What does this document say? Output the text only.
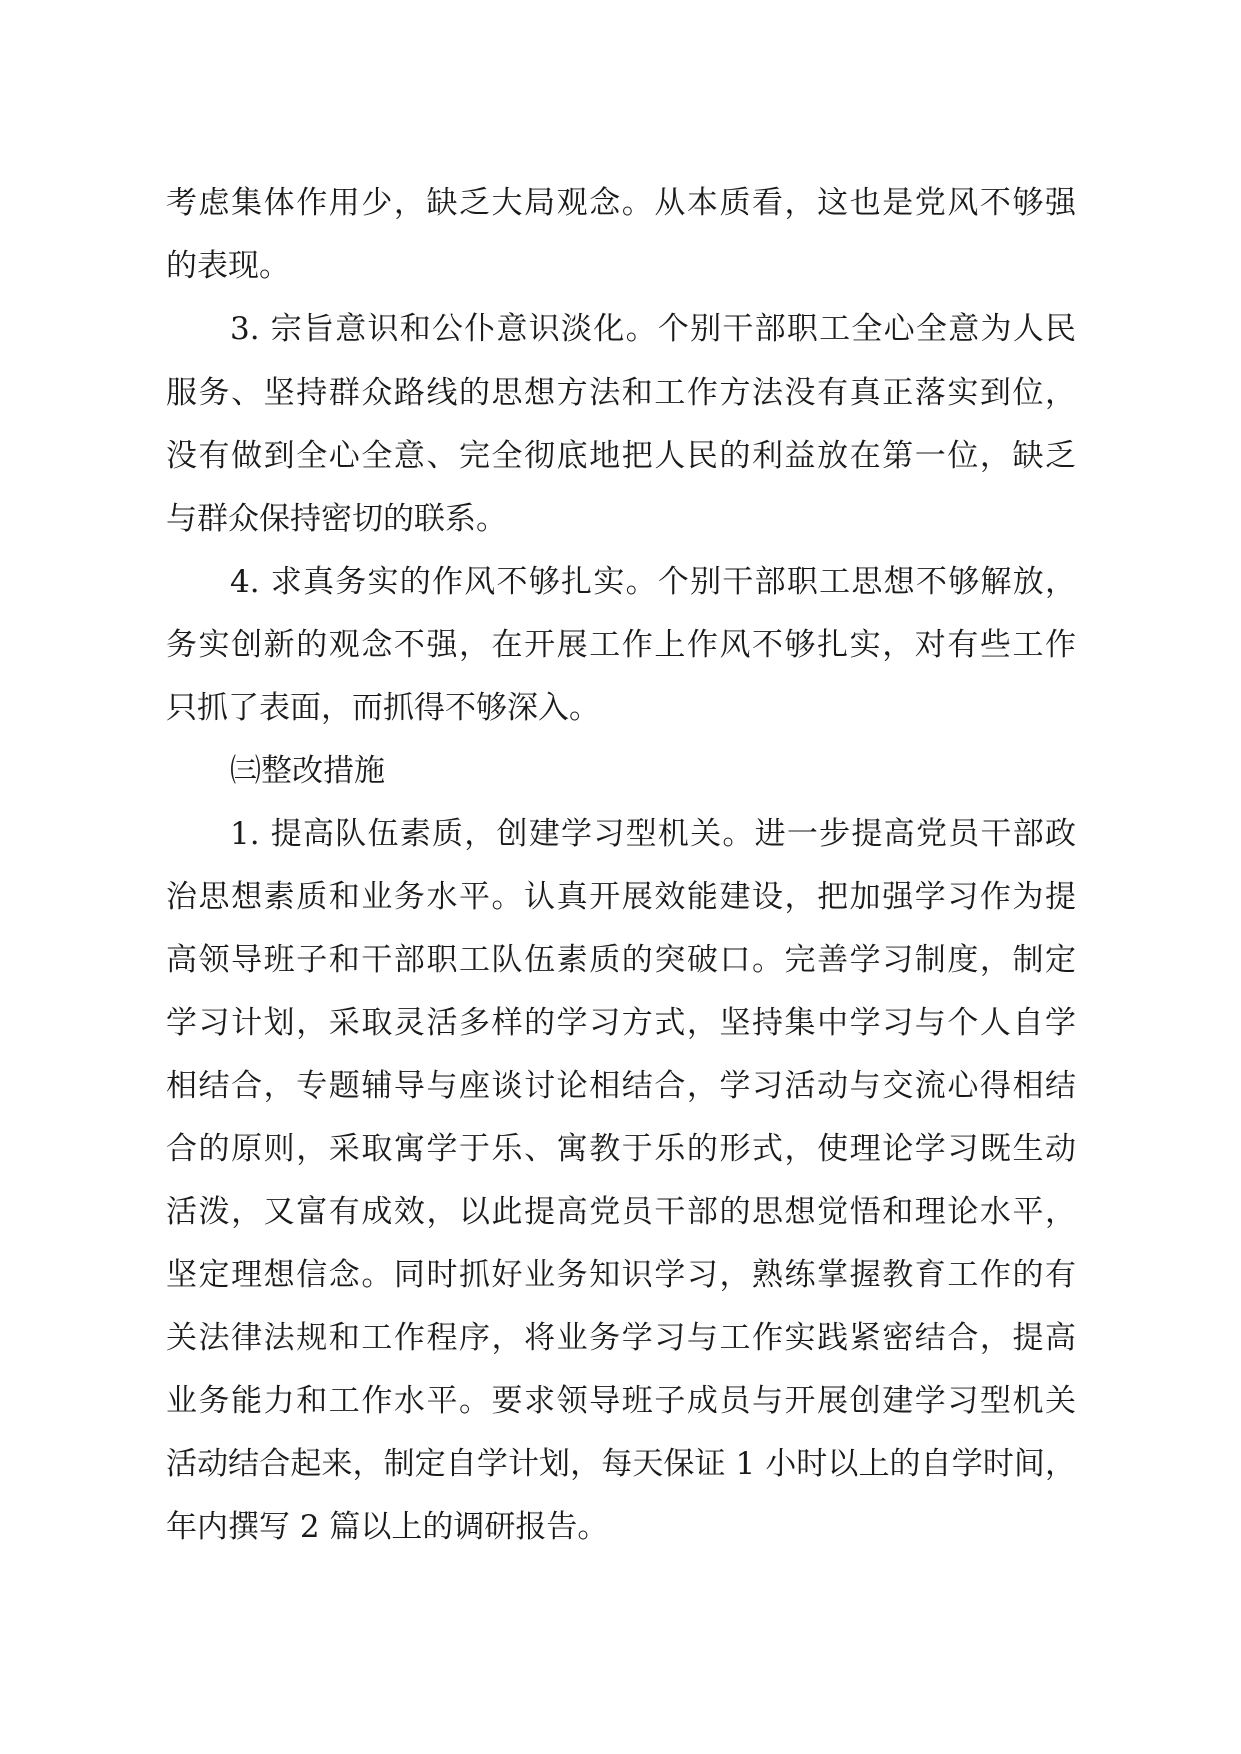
考虑集体作用少，缺乏大局观念。从本质看，这也是党风不够强
的表现。
3. 宗旨意识和公仆意识淡化。个别干部职工全心全意为人民
服务、坚持群众路线的思想方法和工作方法没有真正落实到位，
没有做到全心全意、完全彻底地把人民的利益放在第一位，缺乏
与群众保持密切的联系。
4. 求真务实的作风不够扎实。个别干部职工思想不够解放，
务实创新的观念不强，在开展工作上作风不够扎实，对有些工作
只抓了表面，而抓得不够深入。
㈢整改措施
1. 提高队伍素质，创建学习型机关。进一步提高党员干部政
治思想素质和业务水平。认真开展效能建设，把加强学习作为提
高领导班子和干部职工队伍素质的突破口。完善学习制度，制定
学习计划，采取灵活多样的学习方式，坚持集中学习与个人自学
相结合，专题辅导与座谈讨论相结合，学习活动与交流心得相结
合的原则，采取寓学于乐、寓教于乐的形式，使理论学习既生动
活泼，又富有成效，以此提高党员干部的思想觉悟和理论水平，
坚定理想信念。同时抓好业务知识学习，熟练掌握教育工作的有
关法律法规和工作程序，将业务学习与工作实践紧密结合，提高
业务能力和工作水平。要求领导班子成员与开展创建学习型机关
活动结合起来，制定自学计划，每天保证 1 小时以上的自学时间，
年内撰写 2 篇以上的调研报告。
